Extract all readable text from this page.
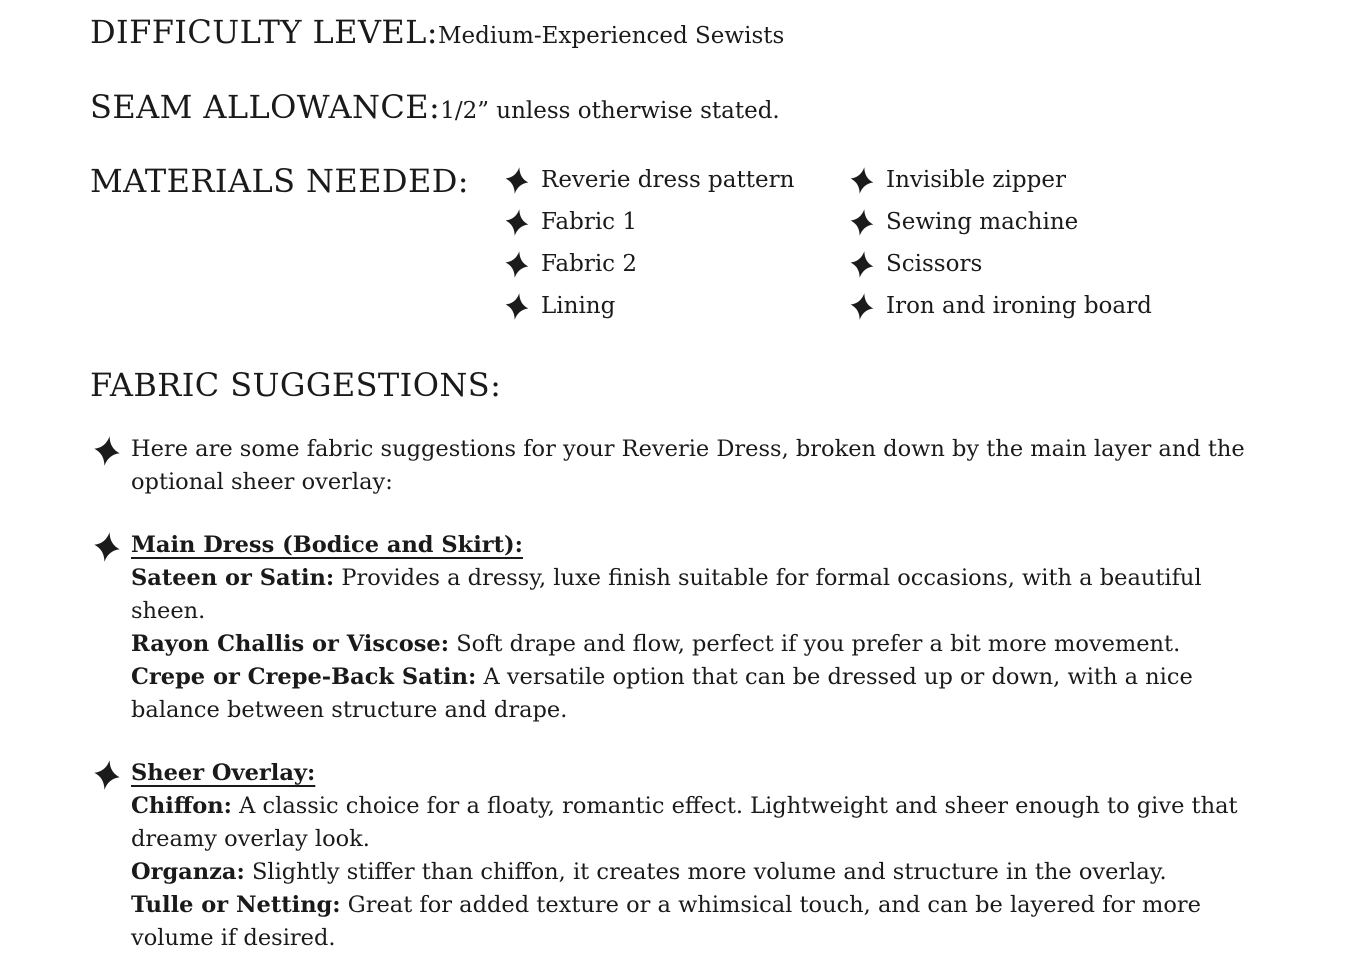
DIFFICULTY LEVEL: Medium-Experienced Sewists
SEAM ALLOWANCE: 1/2” unless otherwise stated.
MATERIALS NEEDED:	Reverie dress pattern
Fabric 1
Fabric 2
Lining
Invisible zipper
Sewing machine
Scissors
Iron and ironing board
FABRIC SUGGESTIONS:

Here are some fabric suggestions for your Reverie Dress, broken down by the main layer and the optional sheer overlay:

Main Dress (Bodice and Skirt):

Sateen or Satin: Provides a dressy, luxe finish suitable for formal occasions, with a beautiful sheen.

Rayon Challis or Viscose: Soft drape and flow, perfect if you prefer a bit more movement.

Crepe or Crepe-Back Satin: A versatile option that can be dressed up or down, with a nice balance between structure and drape.

Sheer Overlay:

Chiffon: A classic choice for a floaty, romantic effect. Lightweight and sheer enough to give that dreamy overlay look.

Organza: Slightly stiffer than chiffon, it creates more volume and structure in the overlay.

Tulle or Netting: Great for added texture or a whimsical touch, and can be layered for more volume if desired.
